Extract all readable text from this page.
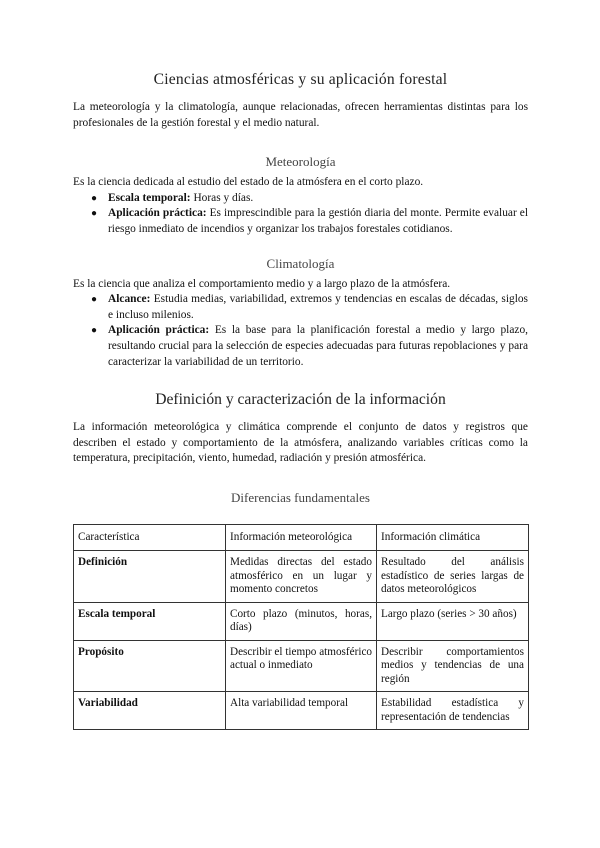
Ciencias atmosféricas y su aplicación forestal

La meteorología y la climatología, aunque relacionadas, ofrecen herramientas distintas para los profesionales de la gestión forestal y el medio natural.

Meteorología

Es la ciencia dedicada al estudio del estado de la atmósfera en el corto plazo.

● Escala temporal: Horas y días.
● Aplicación práctica: Es imprescindible para la gestión diaria del monte. Permite evaluar el riesgo inmediato de incendios y organizar los trabajos forestales cotidianos.
Climatología

Es la ciencia que analiza el comportamiento medio y a largo plazo de la atmósfera.

● Alcance: Estudia medias, variabilidad, extremos y tendencias en escalas de décadas, siglos e incluso milenios.
● Aplicación práctica: Es la base para la planificación forestal a medio y largo plazo, resultando crucial para la selección de especies adecuadas para futuras repoblaciones y para caracterizar la variabilidad de un territorio.
Definición y caracterización de la información

La información meteorológica y climática comprende el conjunto de datos y registros que describen el estado y comportamiento de la atmósfera, analizando variables críticas como la temperatura, precipitación, viento, humedad, radiación y presión atmosférica.

Diferencias fundamentales
Característica	Información meteorológica	Información climática
Definición	Medidas directas del estado atmosférico en un lugar y momento concretos	Resultado del análisis estadístico de series largas de datos meteorológicos
Escala temporal	Corto plazo (minutos, horas, días)	Largo plazo (series > 30 años)
Propósito	Describir el tiempo atmosférico actual o inmediato	Describir comportamientos medios y tendencias de una región
Variabilidad	Alta variabilidad temporal	Estabilidad estadística y representación de tendencias
